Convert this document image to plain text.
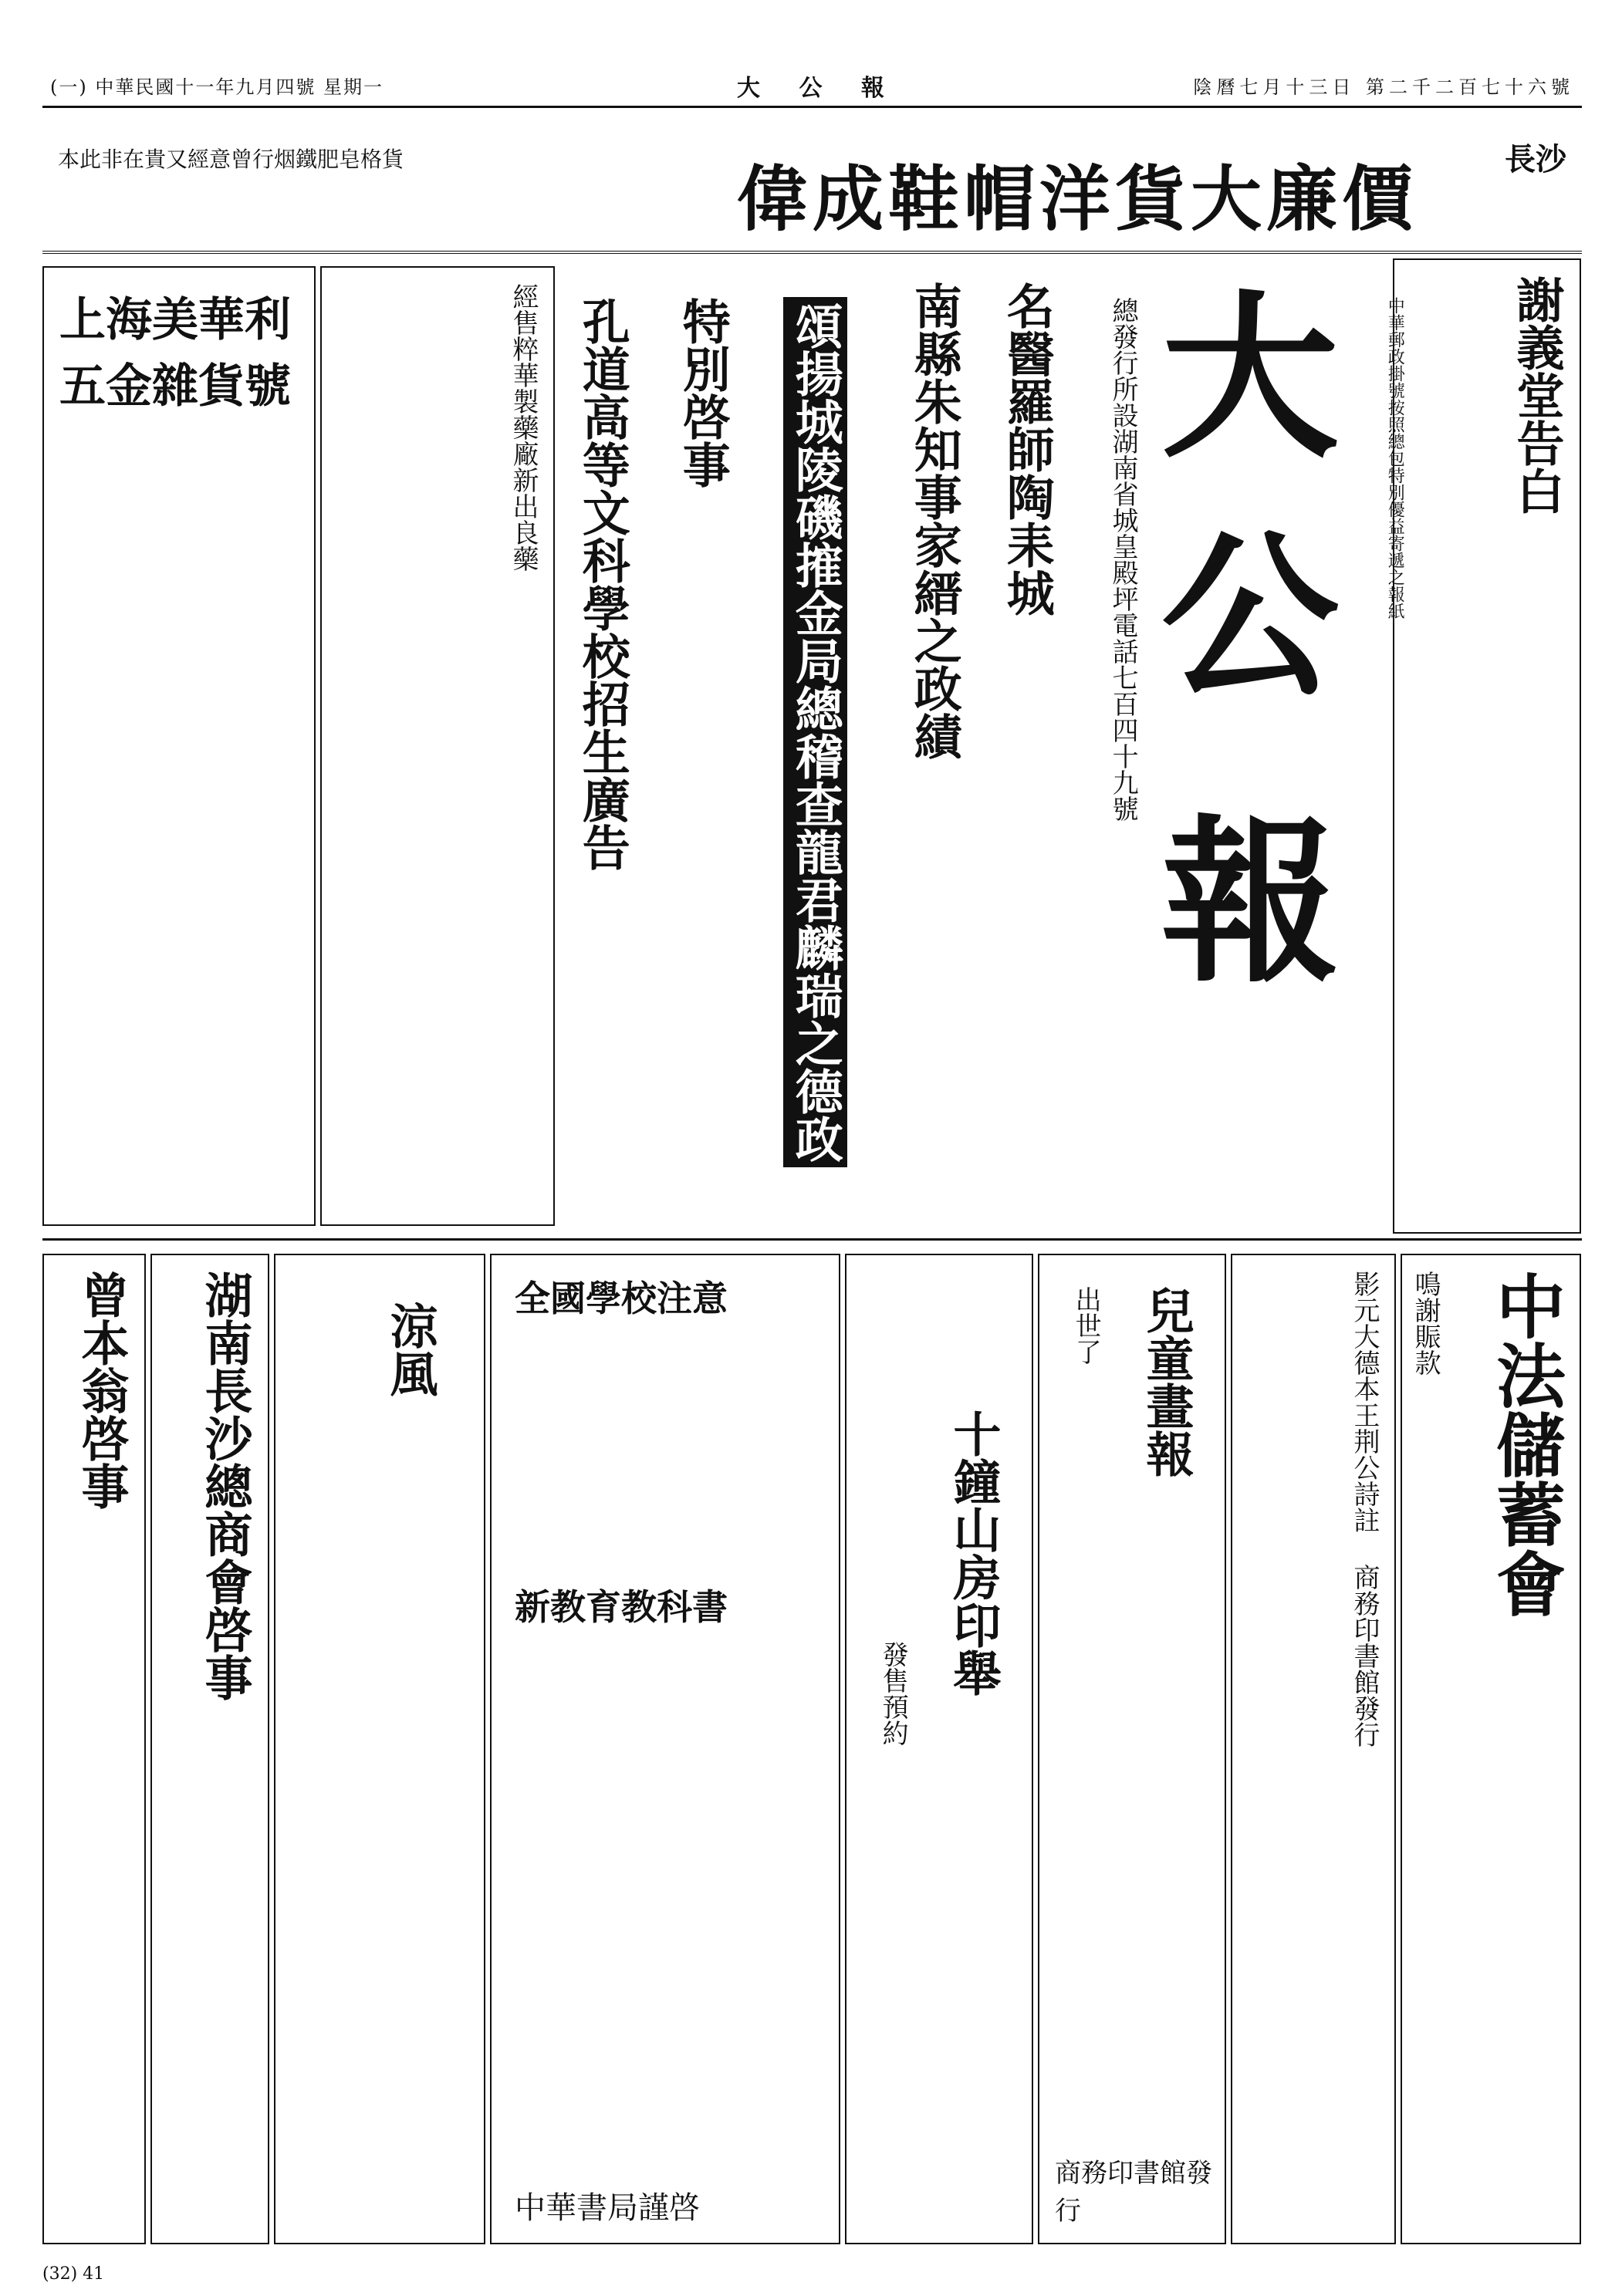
(一) 中華民國十一年九月四號 星期一	陰曆七月十三日 第二千二百七十六號
大 公 報
偉成鞋帽洋貨大廉價	長沙
本此非在貴又經意曾行烟鐵肥皂格貨
謝義堂告白
大
公
報
總發行所設湖南省城皇殿坪電話七百四十九號	中華郵政掛號按照總包特別優益寄遞之報紙
名醫羅師陶耒城
南縣朱知事家縉之政績
頌揚城陵磯㩁金局總稽查龍君麟瑞之德政
特別啓事
孔道高等文科學校招生廣告
經售粹華製藥廠新出良藥
上海美華利五金雜貨號
中法儲蓄會
鳴謝賑款
影元大德本王荆公詩註 商務印書館發行
兒童畫報
出世了
商務印書館發行
十鐘山房印舉
發售預約
全國學校注意
新教育教科書
中華書局謹啓
涼風
湖南長沙總商會啓事
曾本翁啓事
(32) 41
